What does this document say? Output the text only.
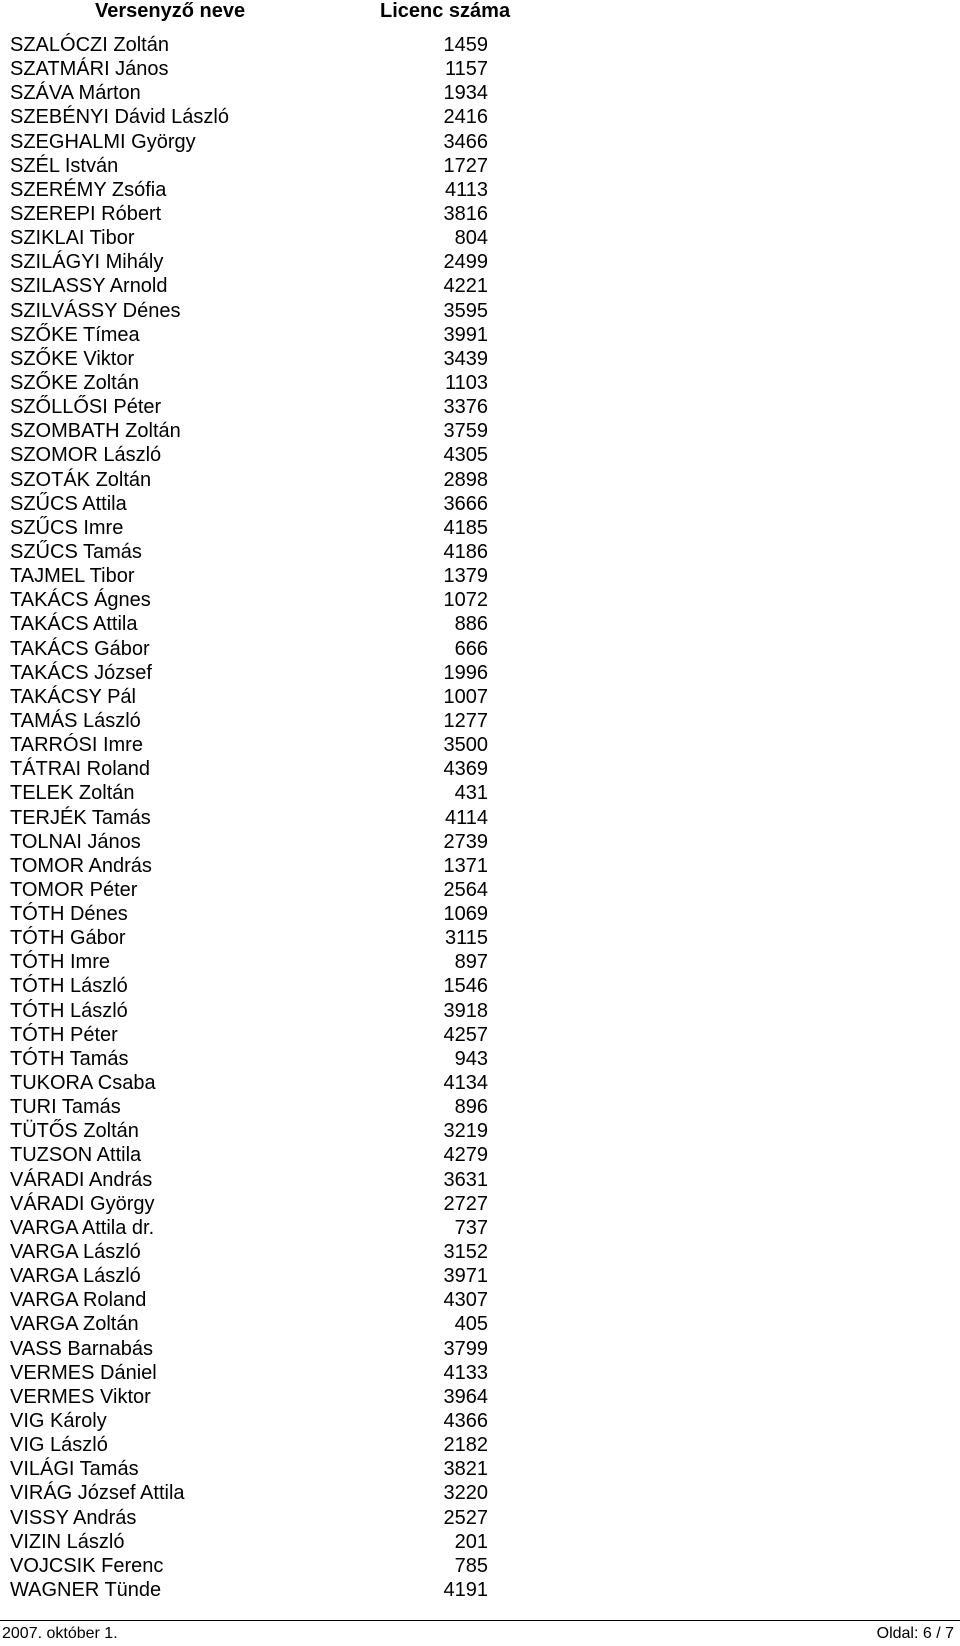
Versenyző neve	Licenc száma
SZALÓCZI Zoltán	1459
SZATMÁRI János	1157
SZÁVA Márton	1934
SZEBÉNYI Dávid László	2416
SZEGHALMI György	3466
SZÉL István	1727
SZERÉMY Zsófia	4113
SZEREPI Róbert	3816
SZIKLAI Tibor	804
SZILÁGYI Mihály	2499
SZILASSY Arnold	4221
SZILVÁSSY Dénes	3595
SZŐKE Tímea	3991
SZŐKE Viktor	3439
SZŐKE Zoltán	1103
SZŐLLŐSI Péter	3376
SZOMBATH Zoltán	3759
SZOMOR László	4305
SZOTÁK Zoltán	2898
SZŰCS Attila	3666
SZŰCS Imre	4185
SZŰCS Tamás	4186
TAJMEL Tibor	1379
TAKÁCS Ágnes	1072
TAKÁCS Attila	886
TAKÁCS Gábor	666
TAKÁCS József	1996
TAKÁCSY Pál	1007
TAMÁS László	1277
TARRÓSI Imre	3500
TÁTRAI Roland	4369
TELEK Zoltán	431
TERJÉK Tamás	4114
TOLNAI János	2739
TOMOR András	1371
TOMOR Péter	2564
TÓTH Dénes	1069
TÓTH Gábor	3115
TÓTH Imre	897
TÓTH László	1546
TÓTH László	3918
TÓTH Péter	4257
TÓTH Tamás	943
TUKORA Csaba	4134
TURI Tamás	896
TÜTŐS Zoltán	3219
TUZSON Attila	4279
VÁRADI András	3631
VÁRADI György	2727
VARGA Attila dr.	737
VARGA László	3152
VARGA László	3971
VARGA Roland	4307
VARGA Zoltán	405
VASS Barnabás	3799
VERMES Dániel	4133
VERMES Viktor	3964
VIG Károly	4366
VIG László	2182
VILÁGI Tamás	3821
VIRÁG József Attila	3220
VISSY András	2527
VIZIN László	201
VOJCSIK Ferenc	785
WAGNER Tünde	4191
2007. október 1.	Oldal: 6 / 7
